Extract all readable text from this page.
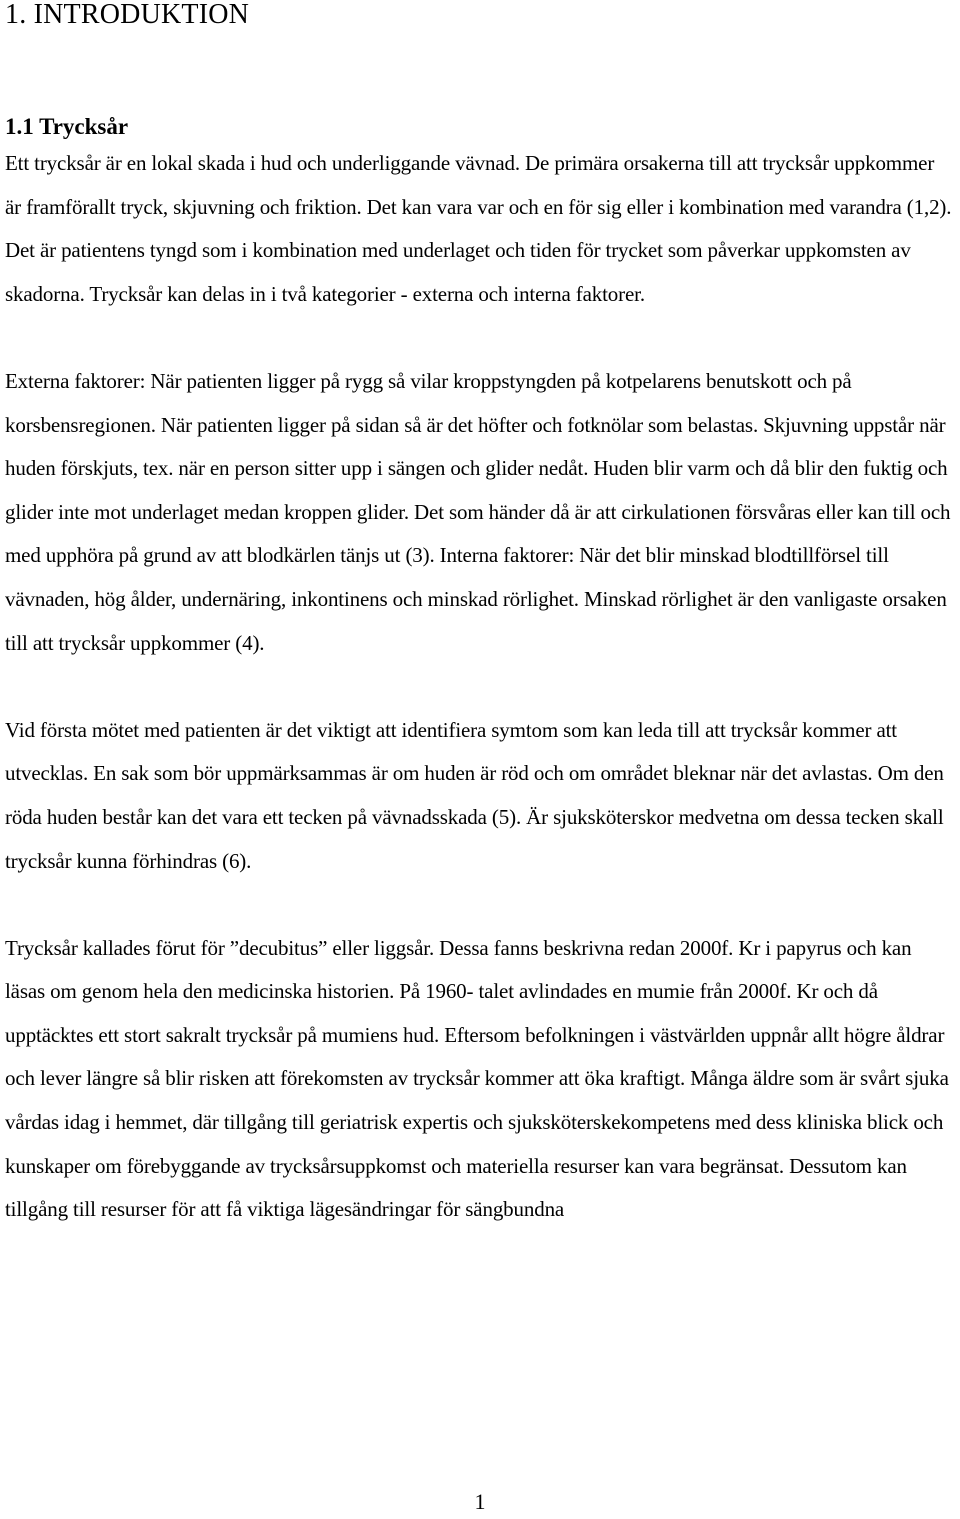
1. INTRODUKTION
1.1 Trycksår

Ett trycksår är en lokal skada i hud och underliggande vävnad. De primära orsakerna till att trycksår uppkommer är framförallt tryck, skjuvning och friktion. Det kan vara var och en för sig eller i kombination med varandra (1,2). Det är patientens tyngd som i kombination med underlaget och tiden för trycket som påverkar uppkomsten av skadorna. Trycksår kan delas in i två kategorier - externa och interna faktorer.

Externa faktorer: När patienten ligger på rygg så vilar kroppstyngden på kotpelarens benutskott och på korsbensregionen. När patienten ligger på sidan så är det höfter och fotknölar som belastas. Skjuvning uppstår när huden förskjuts, tex. när en person sitter upp i sängen och glider nedåt. Huden blir varm och då blir den fuktig och glider inte mot underlaget medan kroppen glider. Det som händer då är att cirkulationen försvåras eller kan till och med upphöra på grund av att blodkärlen tänjs ut (3). Interna faktorer: När det blir minskad blodtillförsel till vävnaden, hög ålder, undernäring, inkontinens och minskad rörlighet. Minskad rörlighet är den vanligaste orsaken till att trycksår uppkommer (4).

Vid första mötet med patienten är det viktigt att identifiera symtom som kan leda till att trycksår kommer att utvecklas. En sak som bör uppmärksammas är om huden är röd och om området bleknar när det avlastas. Om den röda huden består kan det vara ett tecken på vävnadsskada (5). Är sjuksköterskor medvetna om dessa tecken skall trycksår kunna förhindras (6).

Trycksår kallades förut för ”decubitus” eller liggsår. Dessa fanns beskrivna redan 2000f. Kr i papyrus och kan läsas om genom hela den medicinska historien. På 1960- talet avlindades en mumie från 2000f. Kr och då upptäcktes ett stort sakralt trycksår på mumiens hud. Eftersom befolkningen i västvärlden uppnår allt högre åldrar och lever längre så blir risken att förekomsten av trycksår kommer att öka kraftigt. Många äldre som är svårt sjuka vårdas idag i hemmet, där tillgång till geriatrisk expertis och sjuksköterskekompetens med dess kliniska blick och kunskaper om förebyggande av trycksårsuppkomst och materiella resurser kan vara begränsat. Dessutom kan tillgång till resurser för att få viktiga lägesändringar för sängbundna

1
